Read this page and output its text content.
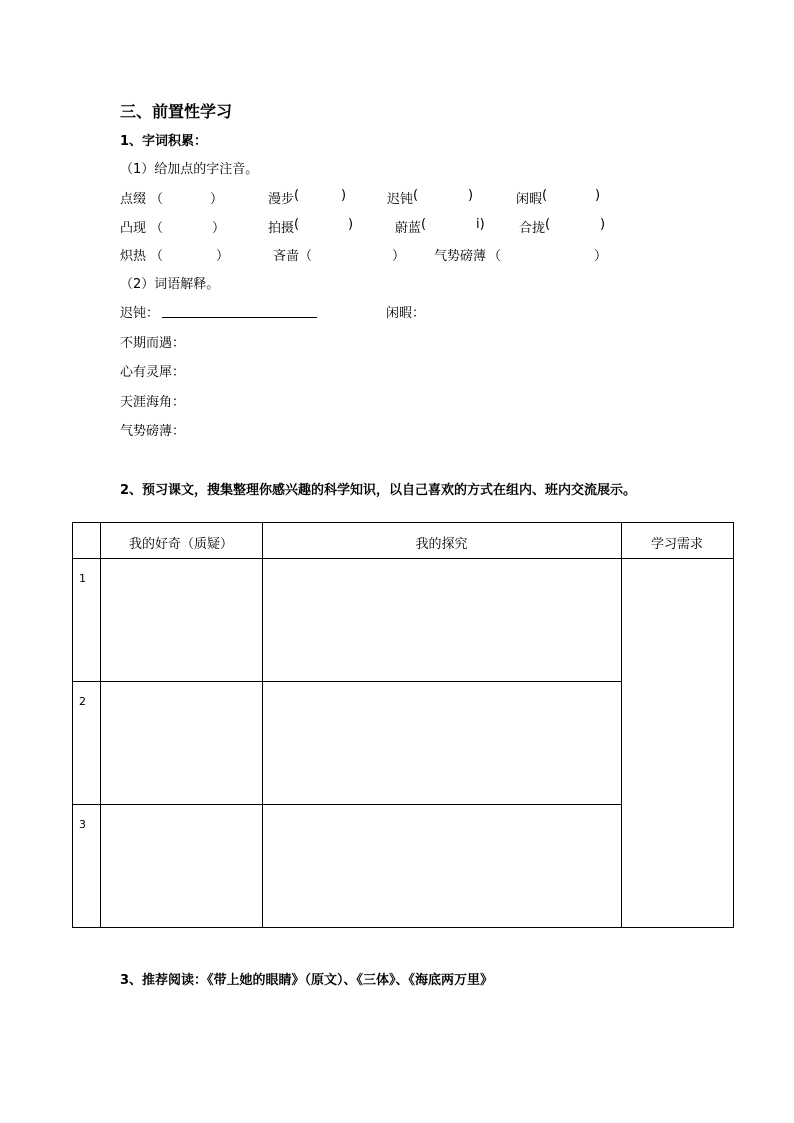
三、前置性学习
1、字词积累：
（1）给加点的字注音。
点缀 （	）	漫步 (	)	迟钝 (	)	闲暇 (	)
凸现 （	）	拍摄 (	)	蔚蓝 (	i)	合拢 (	)
炽热 （	）	吝啬 （	） 气势磅薄 （	）
（2）词语解释。
迟钝：	闲暇：
不期而遇：
心有灵犀：
天涯海角：
气势磅薄：
2、预习课文，搜集整理你感兴趣的科学知识，以自己喜欢的方式在组内、班内交流展示。
我的好奇（质疑）	我的探究	学习需求
1
2
3
3、推荐阅读：《带上她的眼睛》（原文）、《三体》、《海底两万里》
